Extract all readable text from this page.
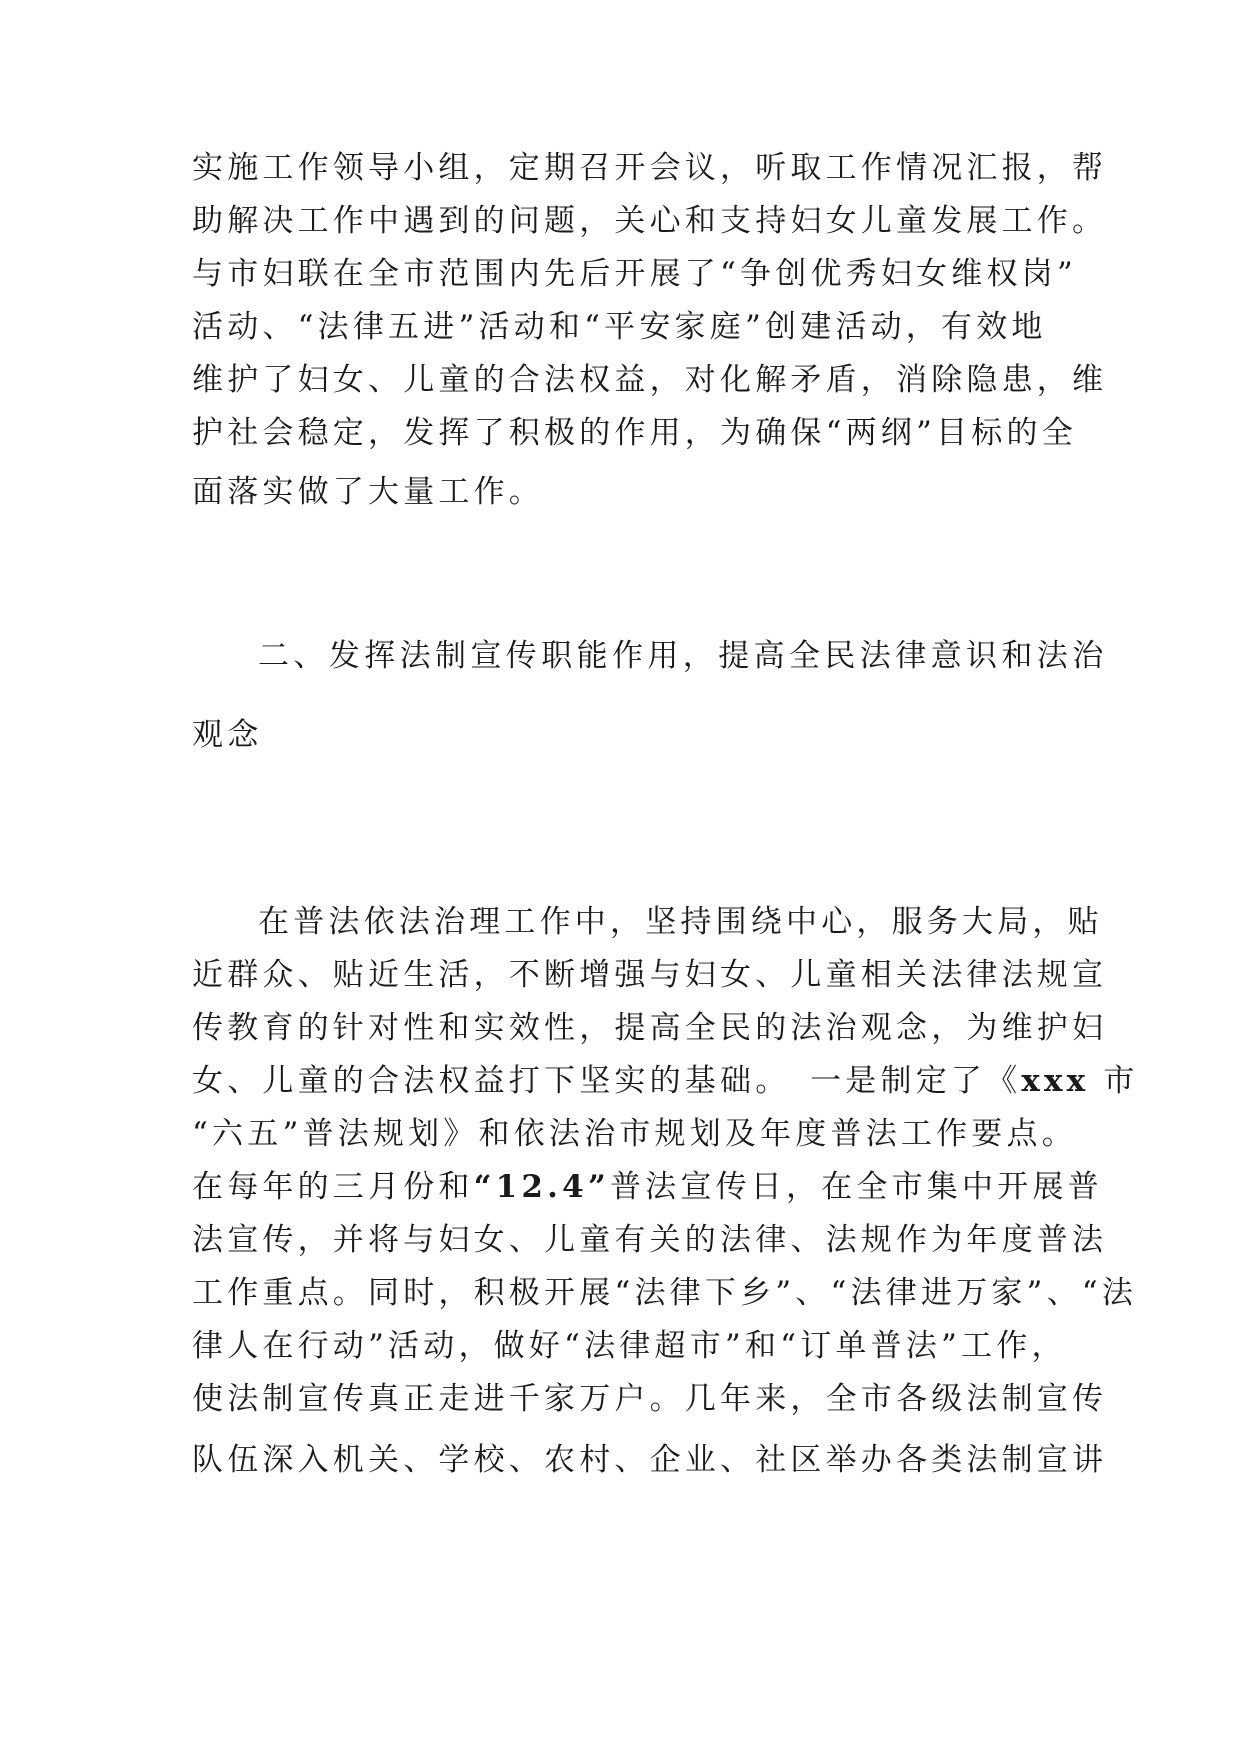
实施工作领导小组，定期召开会议，听取工作情况汇报，帮
助解决工作中遇到的问题，关心和支持妇女儿童发展工作。
与市妇联在全市范围内先后开展了“争创优秀妇女维权岗”
活动、“法律五进”活动和“平安家庭”创建活动，有效地
维护了妇女、儿童的合法权益，对化解矛盾，消除隐患，维
护社会稳定，发挥了积极的作用，为确保“两纲”目标的全
面落实做了大量工作。
二、发挥法制宣传职能作用，提高全民法律意识和法治
观念
在普法依法治理工作中，坚持围绕中心，服务大局，贴
近群众、贴近生活，不断增强与妇女、儿童相关法律法规宣
传教育的针对性和实效性，提高全民的法治观念，为维护妇
女、儿童的合法权益打下坚实的基础。　一是制定了《xxx 市
“六五”普法规划》和依法治市规划及年度普法工作要点。
在每年的三月份和“12.4”普法宣传日，在全市集中开展普
法宣传，并将与妇女、儿童有关的法律、法规作为年度普法
工作重点。同时，积极开展“法律下乡”、“法律进万家”、“法
律人在行动”活动，做好“法律超市”和“订单普法”工作，
使法制宣传真正走进千家万户。几年来，全市各级法制宣传
队伍深入机关、学校、农村、企业、社区举办各类法制宣讲
